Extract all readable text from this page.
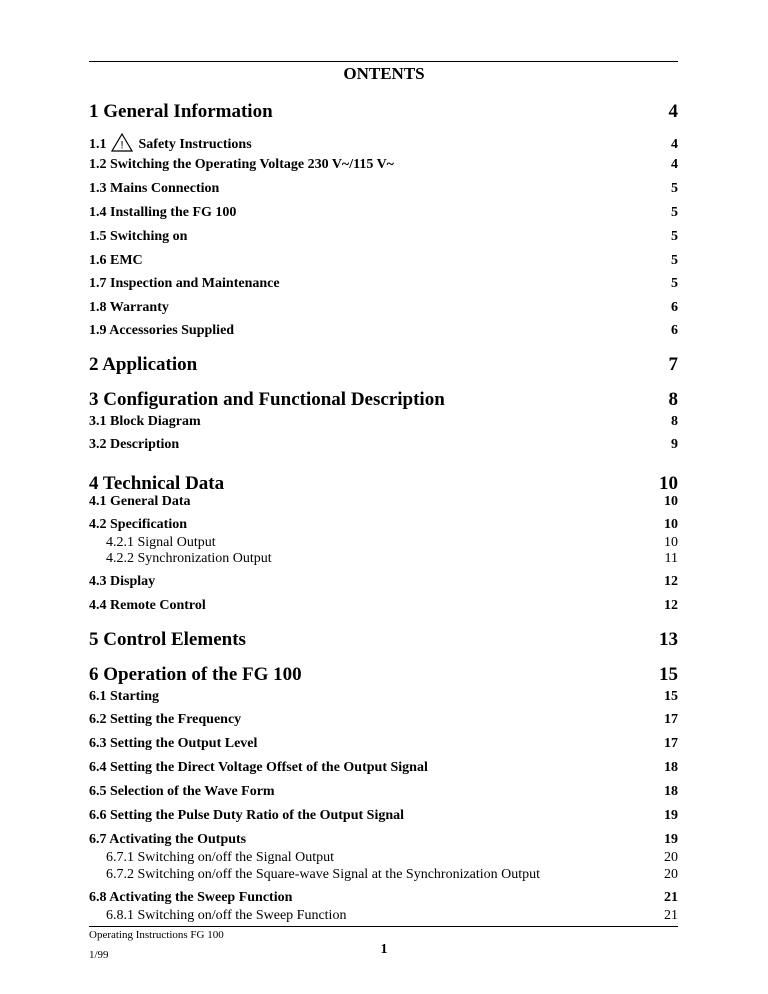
ONTENTS
1 General Information	4
1.1 ! Safety Instructions	4
1.2 Switching the Operating Voltage 230 V~/115 V~	4
1.3 Mains Connection	5
1.4 Installing the FG 100	5
1.5 Switching on	5
1.6 EMC	5
1.7 Inspection and Maintenance	5
1.8 Warranty	6
1.9 Accessories Supplied	6
2 Application	7
3 Configuration and Functional Description	8
3.1 Block Diagram	8
3.2 Description	9
4 Technical Data	10
4.1 General Data	10
4.2 Specification	10
4.2.1 Signal Output	10
4.2.2 Synchronization Output	11
4.3 Display	12
4.4 Remote Control	12
5 Control Elements	13
6 Operation of the FG 100	15
6.1 Starting	15
6.2 Setting the Frequency	17
6.3 Setting the Output Level	17
6.4 Setting the Direct Voltage Offset of the Output Signal	18
6.5 Selection of the Wave Form	18
6.6 Setting the Pulse Duty Ratio of the Output Signal	19
6.7 Activating the Outputs	19
6.7.1 Switching on/off the Signal Output	20
6.7.2 Switching on/off the Square-wave Signal at the Synchronization Output	20
6.8 Activating the Sweep Function	21
6.8.1 Switching on/off the Sweep Function	21
Operating Instructions FG 100
1/99	1
